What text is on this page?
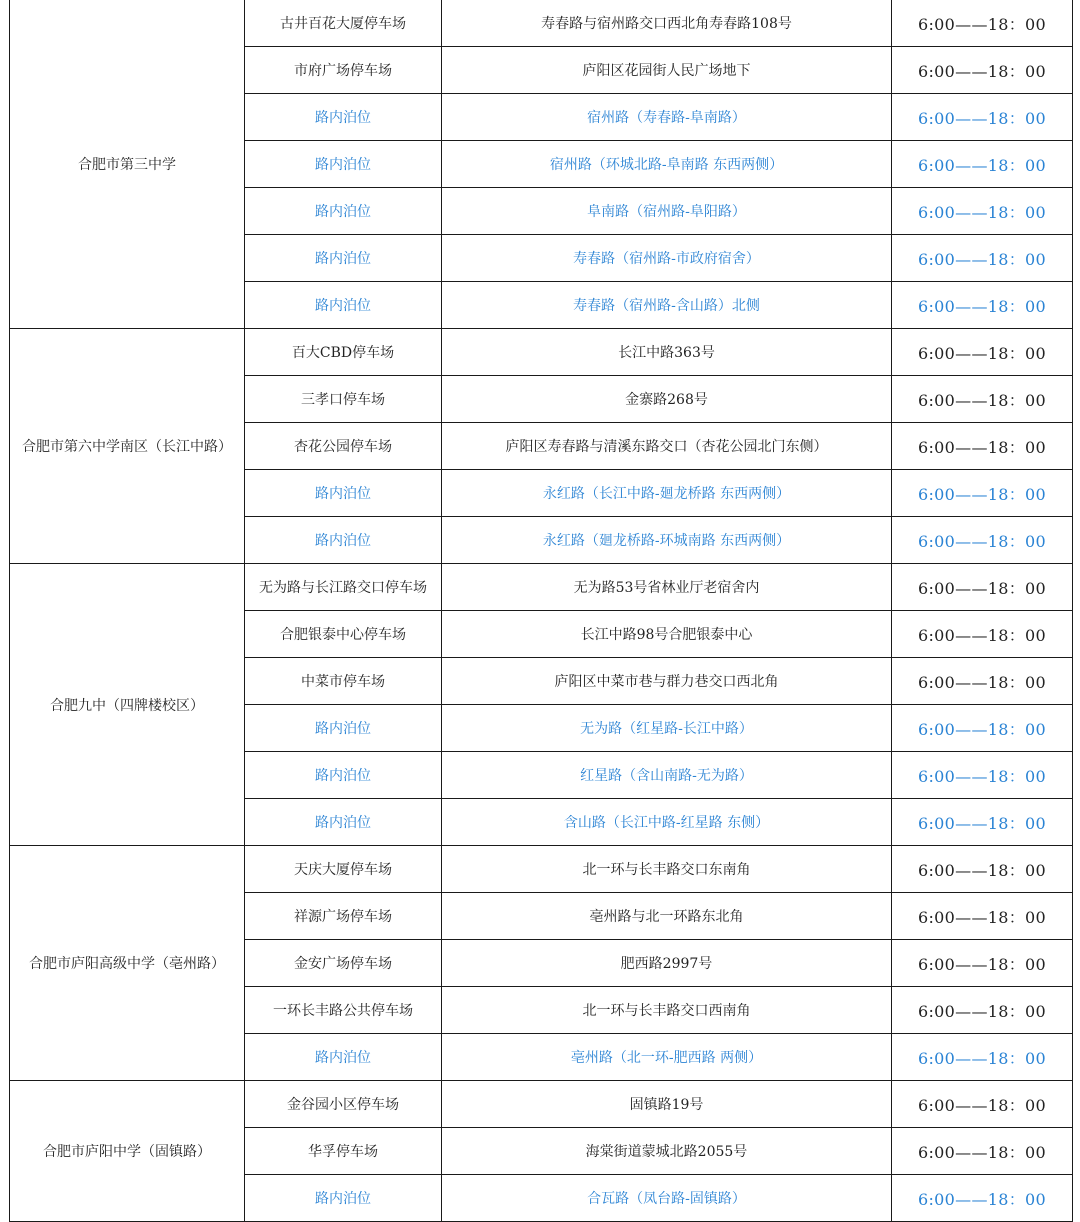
合肥市第三中学	古井百花大厦停车场	寿春路与宿州路交口西北角寿春路108号	6:00——18：00
	市府广场停车场	庐阳区花园街人民广场地下	6:00——18：00
	路内泊位	宿州路（寿春路-阜南路）	6:00——18：00
	路内泊位	宿州路（环城北路-阜南路 东西两侧）	6:00——18：00
	路内泊位	阜南路（宿州路-阜阳路）	6:00——18：00
	路内泊位	寿春路（宿州路-市政府宿舍）	6:00——18：00
	路内泊位	寿春路（宿州路-含山路）北侧	6:00——18：00
合肥市第六中学南区（长江中路）	百大CBD停车场	长江中路363号	6:00——18：00
	三孝口停车场	金寨路268号	6:00——18：00
	杏花公园停车场	庐阳区寿春路与清溪东路交口（杏花公园北门东侧）	6:00——18：00
	路内泊位	永红路（长江中路-廻龙桥路 东西两侧）	6:00——18：00
	路内泊位	永红路（廻龙桥路-环城南路 东西两侧）	6:00——18：00
合肥九中（四牌楼校区）	无为路与长江路交口停车场	无为路53号省林业厅老宿舍内	6:00——18：00
	合肥银泰中心停车场	长江中路98号合肥银泰中心	6:00——18：00
	中菜市停车场	庐阳区中菜市巷与群力巷交口西北角	6:00——18：00
	路内泊位	无为路（红星路-长江中路）	6:00——18：00
	路内泊位	红星路（含山南路-无为路）	6:00——18：00
	路内泊位	含山路（长江中路-红星路 东侧）	6:00——18：00
合肥市庐阳高级中学（亳州路）	天庆大厦停车场	北一环与长丰路交口东南角	6:00——18：00
	祥源广场停车场	亳州路与北一环路东北角	6:00——18：00
	金安广场停车场	肥西路2997号	6:00——18：00
	一环长丰路公共停车场	北一环与长丰路交口西南角	6:00——18：00
	路内泊位	亳州路（北一环-肥西路 两侧）	6:00——18：00
合肥市庐阳中学（固镇路）	金谷园小区停车场	固镇路19号	6:00——18：00
	华孚停车场	海棠街道蒙城北路2055号	6:00——18：00
	路内泊位	合瓦路（凤台路-固镇路）	6:00——18：00
